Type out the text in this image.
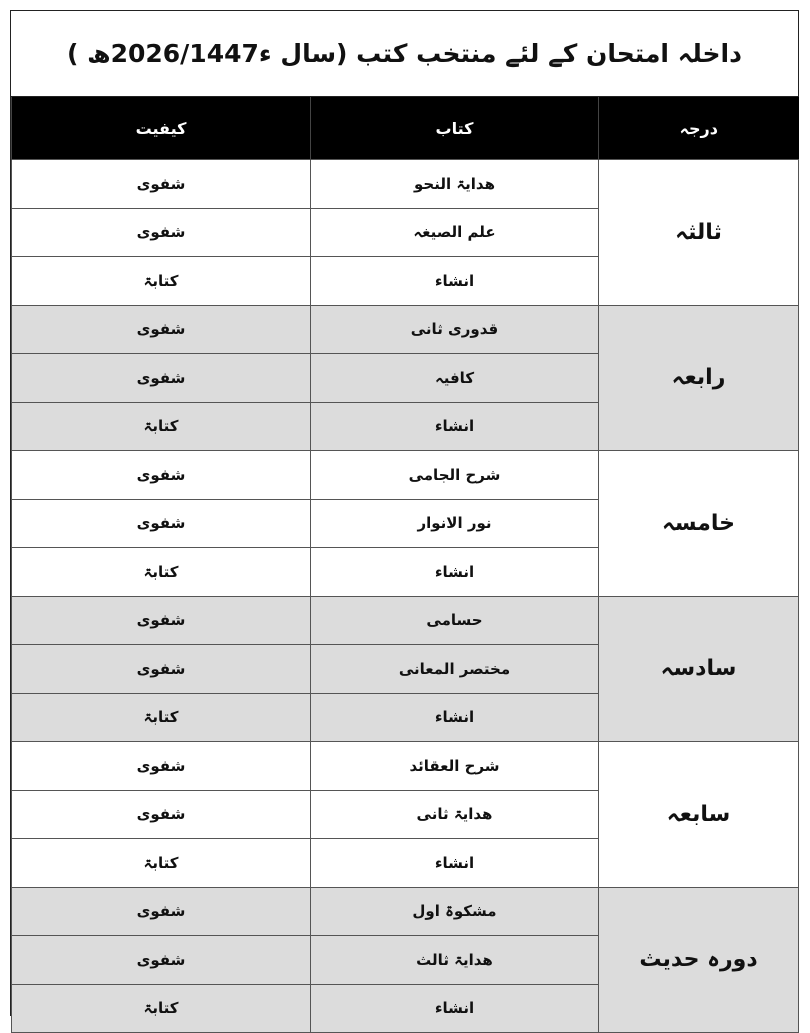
داخلہ امتحان کے لئے منتخب کتب (سال ء2026/1447ھ )
درجہ	کتاب	کیفیت
ثالثہ	ھدایۃ النحو	شفوی
	علم الصیغہ	شفوی
	انشاء	کتابۃ
رابعہ	قدوری ثانی	شفوی
	کافیہ	شفوی
	انشاء	کتابۃ
خامسہ	شرح الجامی	شفوی
	نور الانوار	شفوی
	انشاء	کتابۃ
سادسہ	حسامی	شفوی
	مختصر المعانی	شفوی
	انشاء	کتابۃ
سابعہ	شرح العقائد	شفوی
	ھدایۃ ثانی	شفوی
	انشاء	کتابۃ
دورہ حدیث	مشکوۃ اول	شفوی
	ھدایۃ ثالث	شفوی
	انشاء	کتابۃ
